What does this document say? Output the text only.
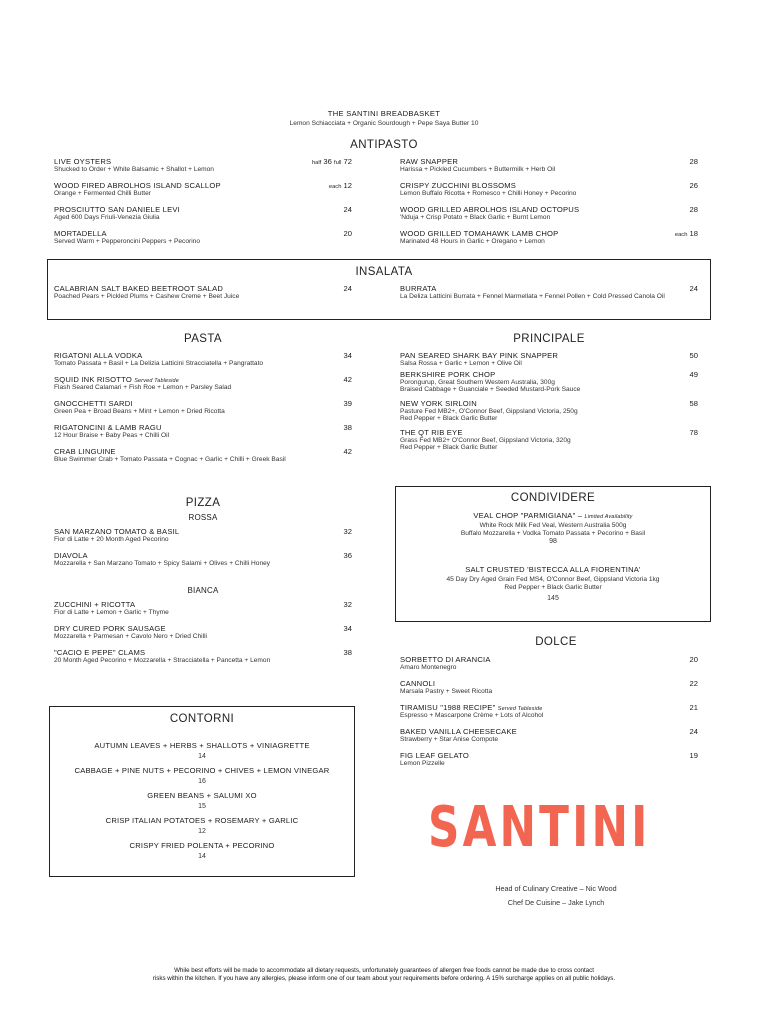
THE SANTINI BREADBASKET
Lemon Schiacciata + Organic Sourdough + Pepe Saya Butter 10
ANTIPASTO
LIVE OYSTERS
Shucked to Order + White Balsamic + Shallot + Lemon
half 36 full 72
WOOD FIRED ABROLHOS ISLAND SCALLOP
Orange + Fermented Chilli Butter
each 12
PROSCIUTTO SAN DANIELE LEVI
Aged 600 Days Friuli-Venezia Giulia
24
MORTADELLA
Served Warm + Pepperoncini Peppers + Pecorino
20
RAW SNAPPER
Harissa + Pickled Cucumbers + Buttermilk + Herb Oil
28
CRISPY ZUCCHINI BLOSSOMS
Lemon Buffalo Ricotta + Romesco + Chilli Honey + Pecorino
26
WOOD GRILLED ABROLHOS ISLAND OCTOPUS
'Nduja + Crisp Potato + Black Garlic + Burnt Lemon
28
WOOD GRILLED TOMAHAWK LAMB CHOP
Marinated 48 Hours in Garlic + Oregano + Lemon
each 18
INSALATA
CALABRIAN SALT BAKED BEETROOT SALAD
Poached Pears + Pickled Plums + Cashew Creme + Beet Juice
24	BURRATA
La Deliza Latticini Burrata + Fennel Marmellata + Fennel Pollen + Cold Pressed Canola Oil
24
PASTA
RIGATONI ALLA VODKA
Tomato Passata + Basil + La Delizia Latticini Stracciatella + Pangrattato
34
SQUID INK RISOTTO Served Tableside
Flash Seared Calamari + Fish Roe + Lemon + Parsley Salad
42
GNOCCHETTI SARDI
Green Pea + Broad Beans + Mint + Lemon + Dried Ricotta
39
RIGATONCINI & LAMB RAGU
12 Hour Braise + Baby Peas + Chilli Oil
38
CRAB LINGUINE
Blue Swimmer Crab + Tomato Passata + Cognac + Garlic + Chilli + Greek Basil
42
PRINCIPALE
PAN SEARED SHARK BAY PINK SNAPPER
Salsa Rossa + Garlic + Lemon + Olive Oil
50
BERKSHIRE PORK CHOP
Porongurup, Great Southern Western Australia, 300g
Braised Cabbage + Guanciale + Seeded Mustard-Pork Sauce
49
NEW YORK SIRLOIN
Pasture Fed MB2+, O'Connor Beef, Gippsland Victoria, 250g
Red Pepper + Black Garlic Butter
58
THE QT RIB EYE
Grass Fed MB2+ O'Connor Beef, Gippsland Victoria, 320g
Red Pepper + Black Garlic Butter
78
PIZZA
ROSSA
SAN MARZANO TOMATO & BASIL
Fior di Latte + 20 Month Aged Pecorino
32
DIAVOLA
Mozzarella + San Marzano Tomato + Spicy Salami + Olives + Chilli Honey
36
BIANCA
ZUCCHINI + RICOTTA
Fior di Latte + Lemon + Garlic + Thyme
32
DRY CURED PORK SAUSAGE
Mozzarella + Parmesan + Cavolo Nero + Dried Chilli
34
"CACIO E PEPE" CLAMS
20 Month Aged Pecorino + Mozzarella + Stracciatella + Pancetta + Lemon
38
CONDIVIDERE
VEAL CHOP "PARMIGIANA" – Limited Availability
White Rock Milk Fed Veal, Western Australia 500g
Buffalo Mozzarella + Vodka Tomato Passata + Pecorino + Basil
98
SALT CRUSTED 'BISTECCA ALLA FIORENTINA'
45 Day Dry Aged Grain Fed MS4, O'Connor Beef, Gippsland Victoria 1kg
Red Pepper + Black Garlic Butter
145
DOLCE
SORBETTO DI ARANCIA
Amaro Montenegro
20
CANNOLI
Marsala Pastry + Sweet Ricotta
22
TIRAMISU "1988 RECIPE" Served Tableside
Espresso + Mascarpone Crème + Lots of Alcohol
21
BAKED VANILLA CHEESECAKE
Strawberry + Star Anise Compote
24
FIG LEAF GELATO
Lemon Pizzelle
19
CONTORNI
AUTUMN LEAVES + HERBS + SHALLOTS + VINIAGRETTE
14
CABBAGE + PINE NUTS + PECORINO + CHIVES + LEMON VINEGAR
16
GREEN BEANS + SALUMI XO
15
CRISP ITALIAN POTATOES + ROSEMARY + GARLIC
12
CRISPY FRIED POLENTA + PECORINO
14	SANTINI
Head of Culinary Creative – Nic Wood
Chef De Cuisine – Jake Lynch
While best efforts will be made to accommodate all dietary requests, unfortunately guarantees of allergen free foods cannot be made due to cross contact
risks within the kitchen. If you have any allergies, please inform one of our team about your requirements before ordering. A 15% surcharge applies on all public holidays.
